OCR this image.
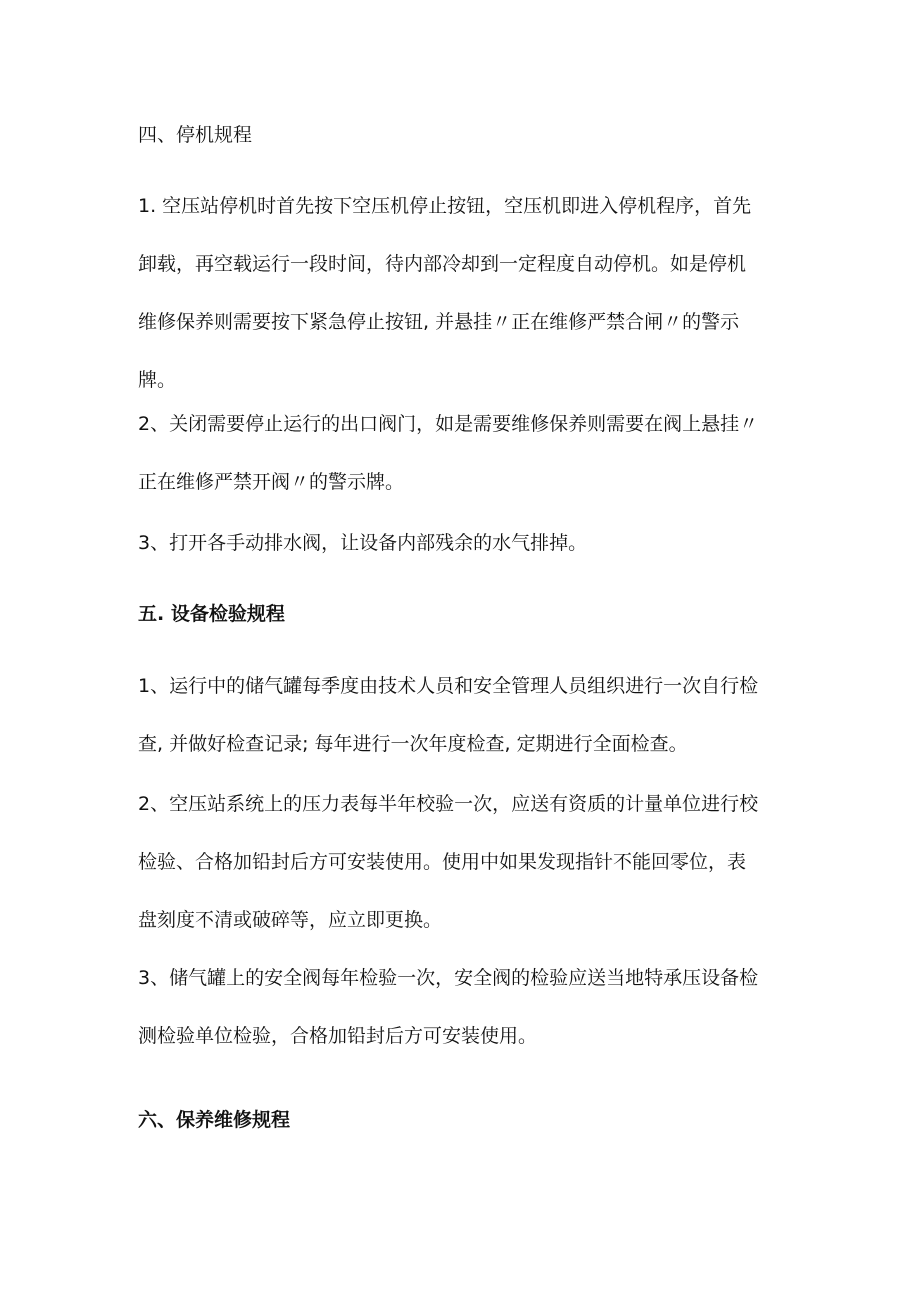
四、停机规程
1. 空压站停机时首先按下空压机停止按钮，空压机即进入停机程序，首先
卸载，再空载运行一段时间，待内部冷却到一定程度自动停机。如是停机
维修保养则需要按下紧急停止按钮, 并悬挂〃正在维修严禁合闸〃的警示
牌。
2、关闭需要停止运行的出口阀门，如是需要维修保养则需要在阀上悬挂〃
正在维修严禁开阀〃的警示牌。
3、打开各手动排水阀，让设备内部残余的水气排掉。
五. 设备检验规程
1、运行中的储气罐每季度由技术人员和安全管理人员组织进行一次自行检
查, 并做好检查记录; 每年进行一次年度检查, 定期进行全面检查。
2、空压站系统上的压力表每半年校验一次，应送有资质的计量单位进行校
检验、合格加铅封后方可安装使用。使用中如果发现指针不能回零位，表
盘刻度不清或破碎等，应立即更换。
3、储气罐上的安全阀每年检验一次，安全阀的检验应送当地特承压设备检
测检验单位检验，合格加铅封后方可安装使用。
六、保养维修规程
